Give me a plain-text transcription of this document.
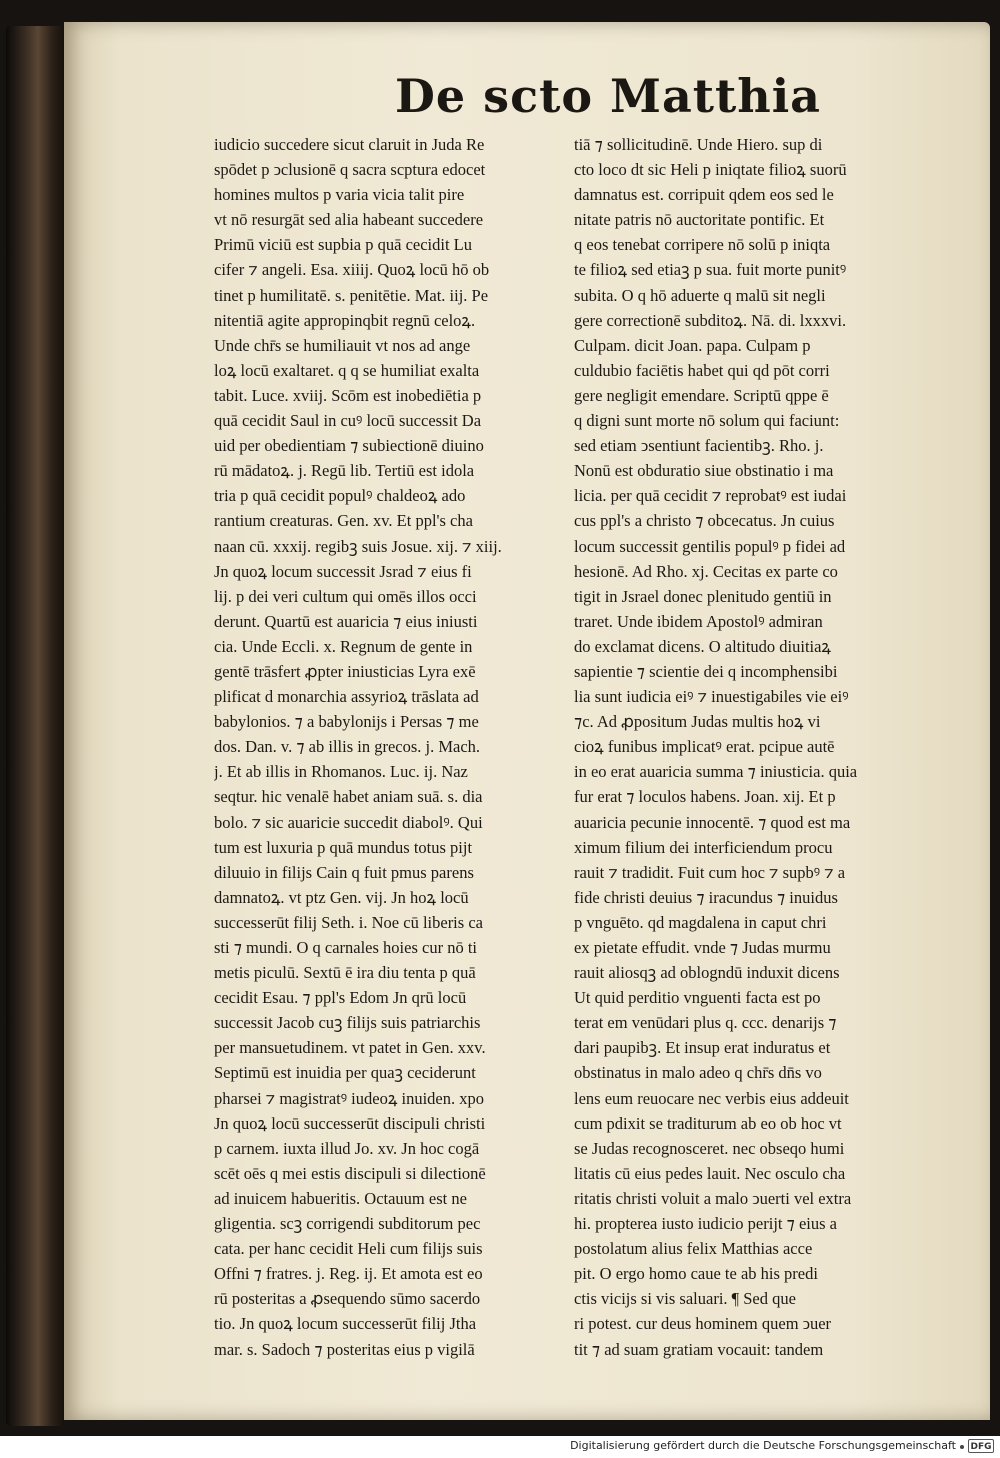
De scto Matthia
iudicio succedere sicut claruit in Juda Re
spōdet p ↄclusionē q sacra scptura edocet
homines multos p varia vicia talit pire
vt nō resurgāt sed alia habeant succedere
Primū viciū est supbia p quā cecidit Lu
cifer ⁊ angeli. Esa. xiiij. Quoꝝ locū hō ob
tinet p humilitatē. s. penitētie. Mat. iij. Pe
nitentiā agite appropinqbit regnū celoꝝ.
Unde chr̄s se humiliauit vt nos ad ange
loꝝ locū exaltaret. q q se humiliat exalta
tabit. Luce. xviij. Scōm est inobediētia p
quā cecidit Saul in cuꝰ locū successit Da
uid per obedientiam ⁊ subiectionē diuino
rū mādatoꝝ. j. Regū lib. Tertiū est idola
tria p quā cecidit populꝰ chaldeoꝝ ado
rantium creaturas. Gen. xv. Et ppl's cha
naan cū. xxxij. regibꝫ suis Josue. xij. ⁊ xiij.
Jn quoꝝ locum successit Jsrad ⁊ eius fi
lij. p dei veri cultum qui omēs illos occi
derunt. Quartū est auaricia ⁊ eius iniusti
cia. Unde Eccli. x. Regnum de gente in
gentē trāsfert ꝓpter iniusticias Lyra exē
plificat d monarchia assyrioꝝ trāslata ad
babylonios. ⁊ a babylonijs i Persas ⁊ me
dos. Dan. v. ⁊ ab illis in grecos. j. Mach.
j. Et ab illis in Rhomanos. Luc. ij. Naz
seqtur. hic venalē habet aniam suā. s. dia
bolo. ⁊ sic auaricie succedit diabolꝰ. Qui
tum est luxuria p quā mundus totus pijt
diluuio in filijs Cain q fuit pmus parens
damnatoꝝ. vt ptz Gen. vij. Jn hoꝝ locū
successerūt filij Seth. i. Noe cū liberis ca
sti ⁊ mundi. O q carnales hoies cur nō ti
metis piculū. Sextū ē ira diu tenta p quā
cecidit Esau. ⁊ ppl's Edom Jn qrū locū
successit Jacob cuꝫ filijs suis patriarchis
per mansuetudinem. vt patet in Gen. xxv.
Septimū est inuidia per quaꝫ ceciderunt
pharsei ⁊ magistratꝰ iudeoꝝ inuiden. xpo
Jn quoꝝ locū successerūt discipuli christi
p carnem. iuxta illud Jo. xv. Jn hoc cogā
scēt oēs q mei estis discipuli si dilectionē
ad inuicem habueritis. Octauum est ne
gligentia. scꝫ corrigendi subditorum pec
cata. per hanc cecidit Heli cum filijs suis
Offni ⁊ fratres. j. Reg. ij. Et amota est eo
rū posteritas a ꝓsequendo sūmo sacerdo
tio. Jn quoꝝ locum successerūt filij Jtha
mar. s. Sadoch ⁊ posteritas eius p vigilā
tiā ⁊ sollicitudinē. Unde Hiero. sup di
cto loco dt sic Heli p iniqtate filioꝝ suorū
damnatus est. corripuit qdem eos sed le
nitate patris nō auctoritate pontific. Et
q eos tenebat corripere nō solū p iniqta
te filioꝝ sed etiaꝫ p sua. fuit morte punitꝰ
subita. O q hō aduerte q malū sit negli
gere correctionē subditoꝝ. Nā. di. lxxxvi.
Culpam. dicit Joan. papa. Culpam p
culdubio faciētis habet qui qd pōt corri
gere negligit emendare. Scriptū qppe ē
q digni sunt morte nō solum qui faciunt:
sed etiam ↄsentiunt facientibꝫ. Rho. j.
Nonū est obduratio siue obstinatio i ma
licia. per quā cecidit ⁊ reprobatꝰ est iudai
cus ppl's a christo ⁊ obcecatus. Jn cuius
locum successit gentilis populꝰ p fidei ad
hesionē. Ad Rho. xj. Cecitas ex parte co
tigit in Jsrael donec plenitudo gentiū in
traret. Unde ibidem Apostolꝰ admiran
do exclamat dicens. O altitudo diuitiaꝝ
sapientie ⁊ scientie dei q incomphensibi
lia sunt iudicia eiꝰ ⁊ inuestigabiles vie eiꝰ
⁊c. Ad ꝓpositum Judas multis hoꝝ vi
cioꝝ funibus implicatꝰ erat. pcipue autē
in eo erat auaricia summa ⁊ iniusticia. quia
fur erat ⁊ loculos habens. Joan. xij. Et p
auaricia pecunie innocentē. ⁊ quod est ma
ximum filium dei interficiendum procu
rauit ⁊ tradidit. Fuit cum hoc ⁊ supbꝰ ⁊ a
fide christi deuius ⁊ iracundus ⁊ inuidus
p vnguēto. qd magdalena in caput chri
ex pietate effudit. vnde ⁊ Judas murmu
rauit aliosqꝫ ad oblogndū induxit dicens
Ut quid perditio vnguenti facta est po
terat em venūdari plus q. ccc. denarijs ⁊
dari paupibꝫ. Et insup erat induratus et
obstinatus in malo adeo q chr̄s dn̄s vo
lens eum reuocare nec verbis eius addeuit
cum pdixit se traditurum ab eo ob hoc vt
se Judas recognosceret. nec obseqo humi
litatis cū eius pedes lauit. Nec osculo cha
ritatis christi voluit a malo ↄuerti vel extra
hi. propterea iusto iudicio perijt ⁊ eius a
postolatum alius felix Matthias acce
pit. O ergo homo caue te ab his predi
ctis vicijs si vis saluari. ¶ Sed que
ri potest. cur deus hominem quem ↄuer
tit ⁊ ad suam gratiam vocauit: tandem
Digitalisierung gefördert durch die Deutsche Forschungsgemeinschaft DFG
